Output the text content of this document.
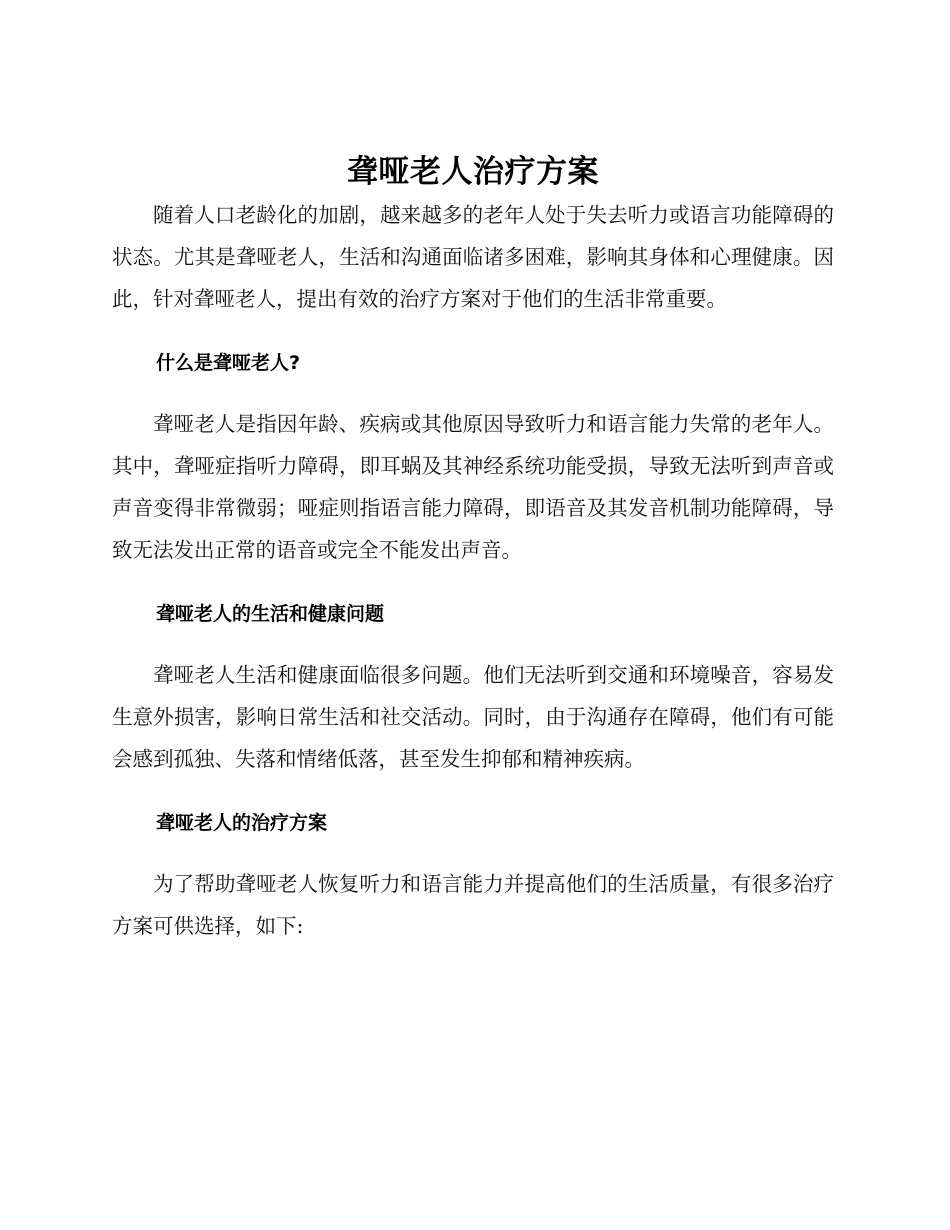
聋哑老人治疗方案

随着人口老龄化的加剧，越来越多的老年人处于失去听力或语言功能障碍的状态。尤其是聋哑老人，生活和沟通面临诸多困难，影响其身体和心理健康。因此，针对聋哑老人，提出有效的治疗方案对于他们的生活非常重要。

什么是聋哑老人?

聋哑老人是指因年龄、疾病或其他原因导致听力和语言能力失常的老年人。其中，聋哑症指听力障碍，即耳蜗及其神经系统功能受损，导致无法听到声音或声音变得非常微弱；哑症则指语言能力障碍，即语音及其发音机制功能障碍，导致无法发出正常的语音或完全不能发出声音。

聋哑老人的生活和健康问题

聋哑老人生活和健康面临很多问题。他们无法听到交通和环境噪音，容易发生意外损害，影响日常生活和社交活动。同时，由于沟通存在障碍，他们有可能会感到孤独、失落和情绪低落，甚至发生抑郁和精神疾病。

聋哑老人的治疗方案

为了帮助聋哑老人恢复听力和语言能力并提高他们的生活质量，有很多治疗方案可供选择，如下:
